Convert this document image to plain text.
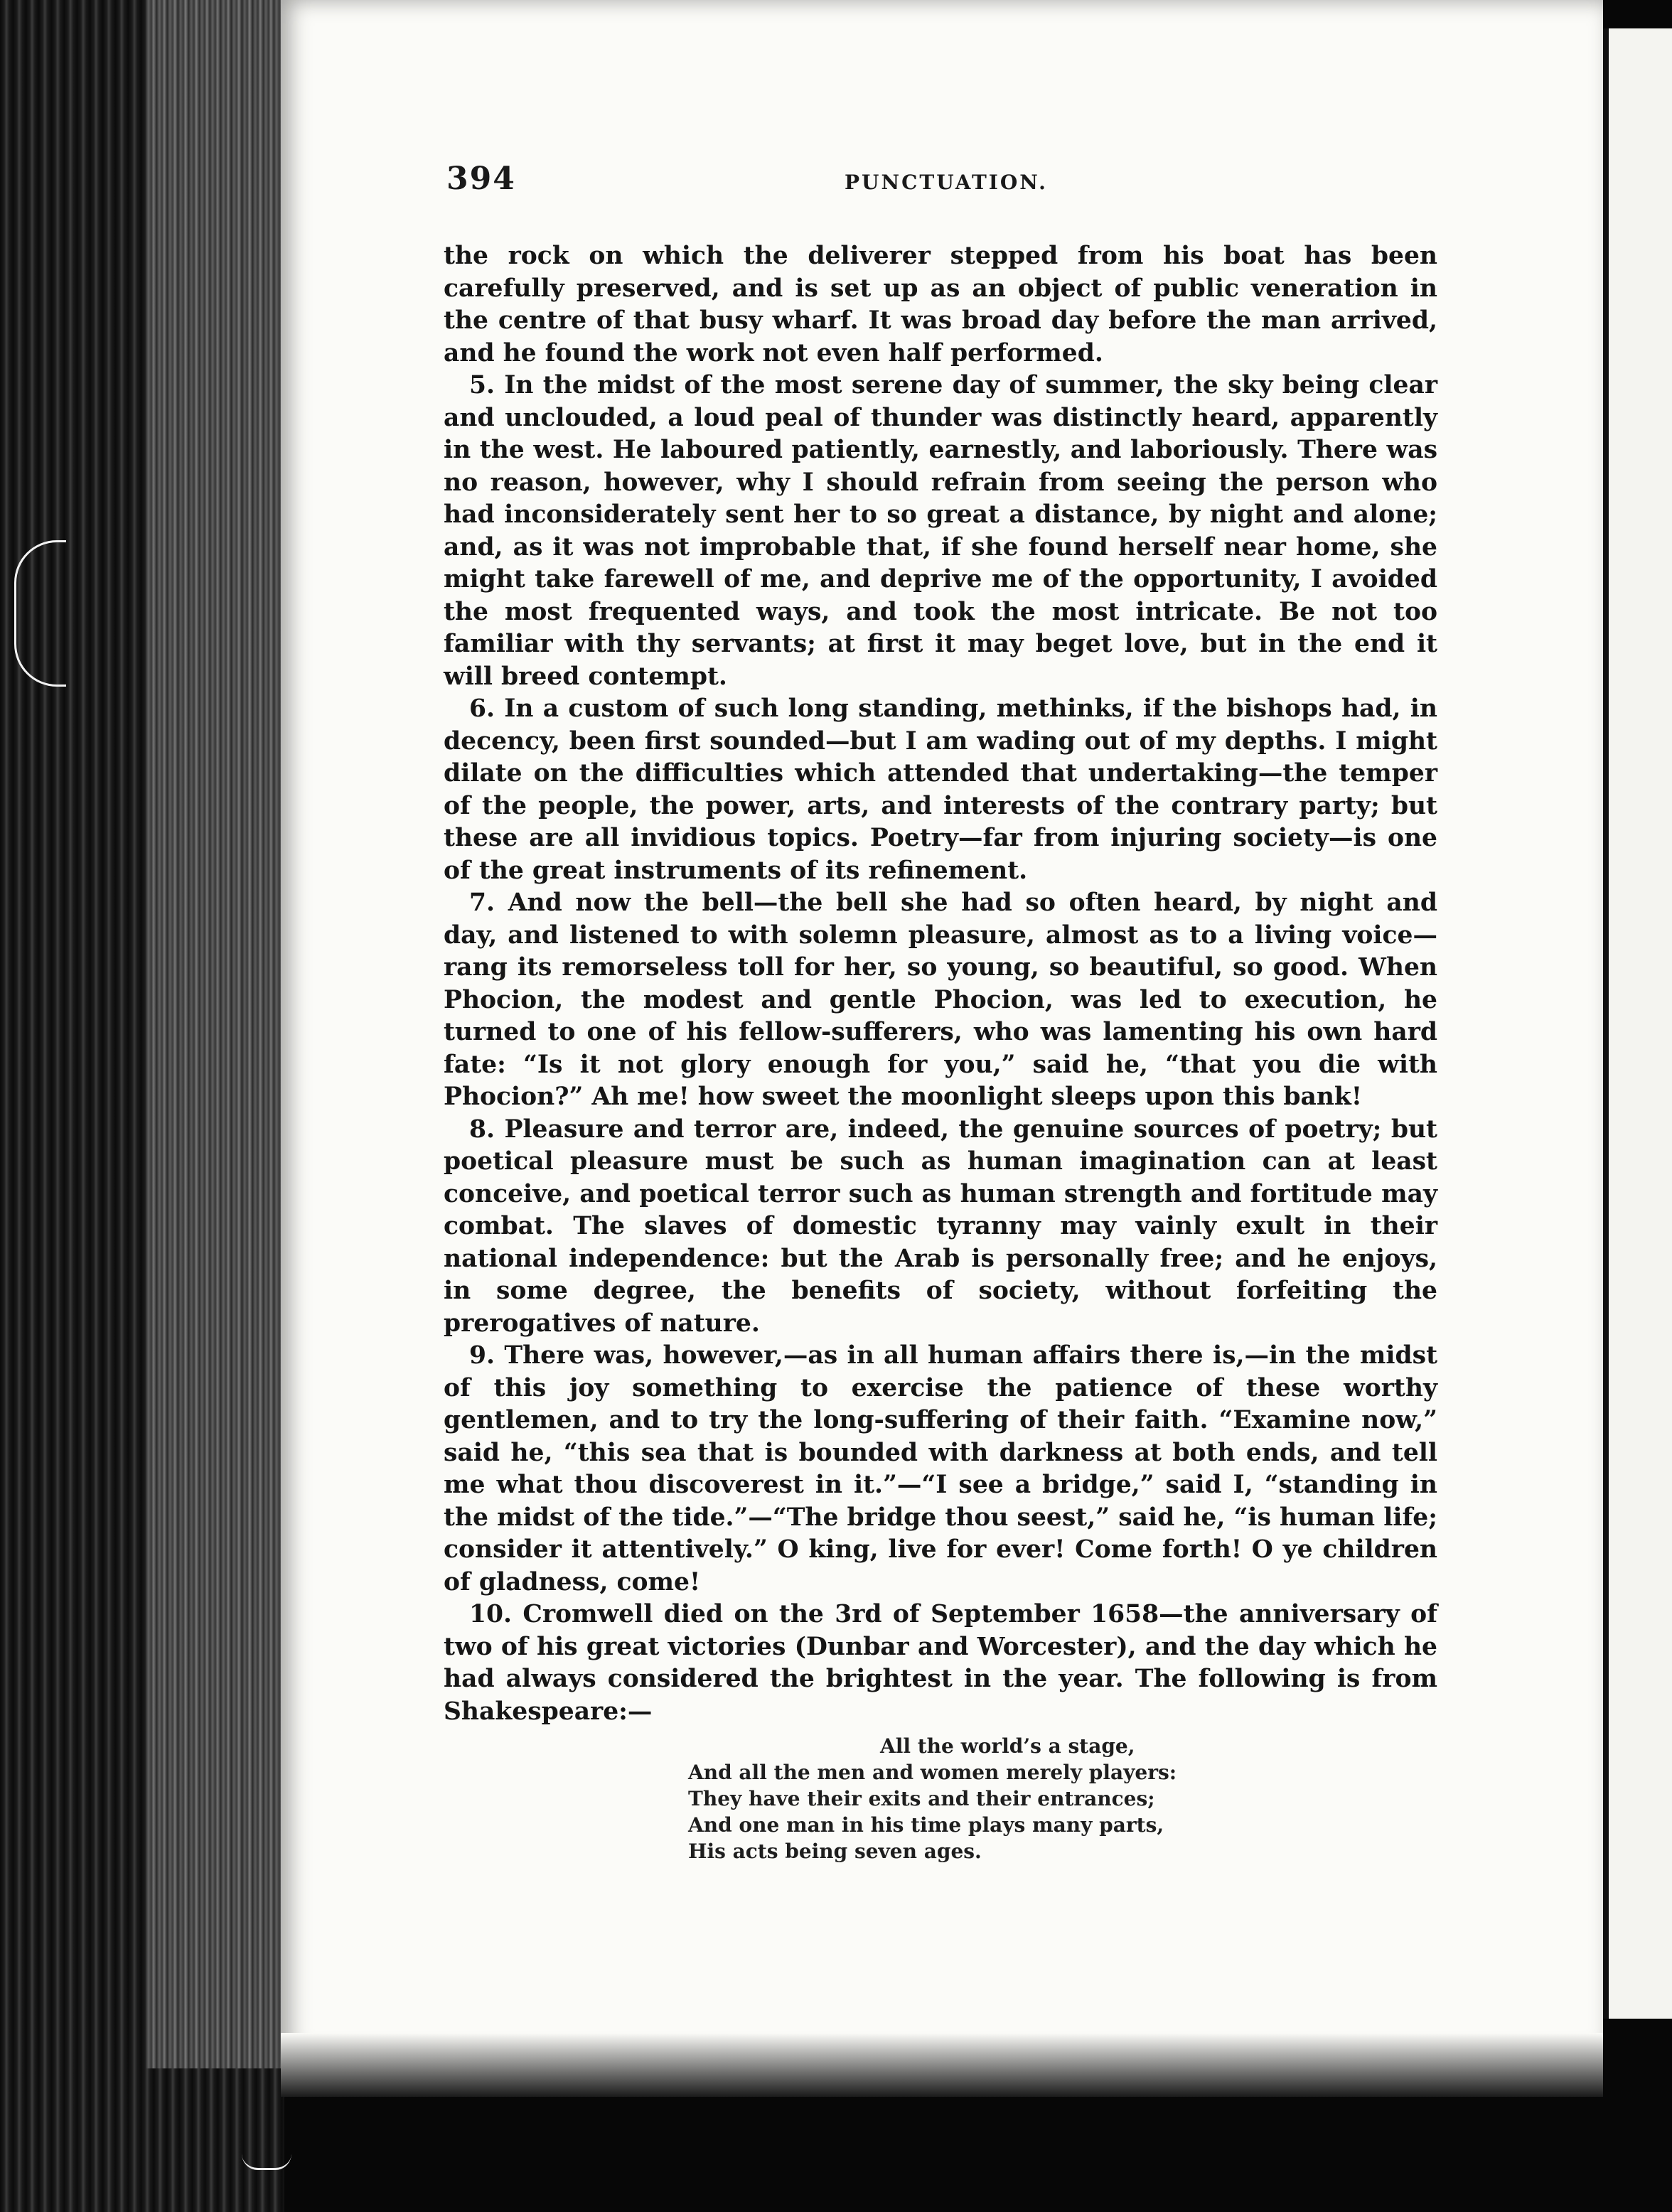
394	PUNCTUATION.

the rock on which the deliverer stepped from his boat has been carefully preserved, and is set up as an object of public veneration in the centre of that busy wharf. It was broad day before the man arrived, and he found the work not even half performed.

5. In the midst of the most serene day of summer, the sky being clear and unclouded, a loud peal of thunder was distinctly heard, apparently in the west. He laboured patiently, earnestly, and laboriously. There was no reason, however, why I should refrain from seeing the person who had inconsiderately sent her to so great a distance, by night and alone; and, as it was not improbable that, if she found herself near home, she might take farewell of me, and deprive me of the opportunity, I avoided the most frequented ways, and took the most intricate. Be not too familiar with thy servants; at first it may beget love, but in the end it will breed contempt.

6. In a custom of such long standing, methinks, if the bishops had, in decency, been first sounded—but I am wading out of my depths. I might dilate on the difficulties which attended that undertaking—the temper of the people, the power, arts, and interests of the contrary party; but these are all invidious topics. Poetry—far from injuring society—is one of the great instruments of its refinement.

7. And now the bell—the bell she had so often heard, by night and day, and listened to with solemn pleasure, almost as to a living voice—rang its remorseless toll for her, so young, so beautiful, so good. When Phocion, the modest and gentle Phocion, was led to execution, he turned to one of his fellow-sufferers, who was lamenting his own hard fate: “Is it not glory enough for you,” said he, “that you die with Phocion?” Ah me! how sweet the moonlight sleeps upon this bank!

8. Pleasure and terror are, indeed, the genuine sources of poetry; but poetical pleasure must be such as human imagination can at least conceive, and poetical terror such as human strength and fortitude may combat. The slaves of domestic tyranny may vainly exult in their national independence: but the Arab is personally free; and he enjoys, in some degree, the benefits of society, without forfeiting the prerogatives of nature.

9. There was, however,—as in all human affairs there is,—in the midst of this joy something to exercise the patience of these worthy gentlemen, and to try the long-suffering of their faith. “Examine now,” said he, “this sea that is bounded with darkness at both ends, and tell me what thou discoverest in it.”—“I see a bridge,” said I, “standing in the midst of the tide.”—“The bridge thou seest,” said he, “is human life; consider it attentively.” O king, live for ever! Come forth! O ye children of gladness, come!

10. Cromwell died on the 3rd of September 1658—the anniversary of two of his great victories (Dunbar and Worcester), and the day which he had always considered the brightest in the year. The following is from Shakespeare:—

All the world’s a stage,
And all the men and women merely players:
They have their exits and their entrances;
And one man in his time plays many parts,
His acts being seven ages.
